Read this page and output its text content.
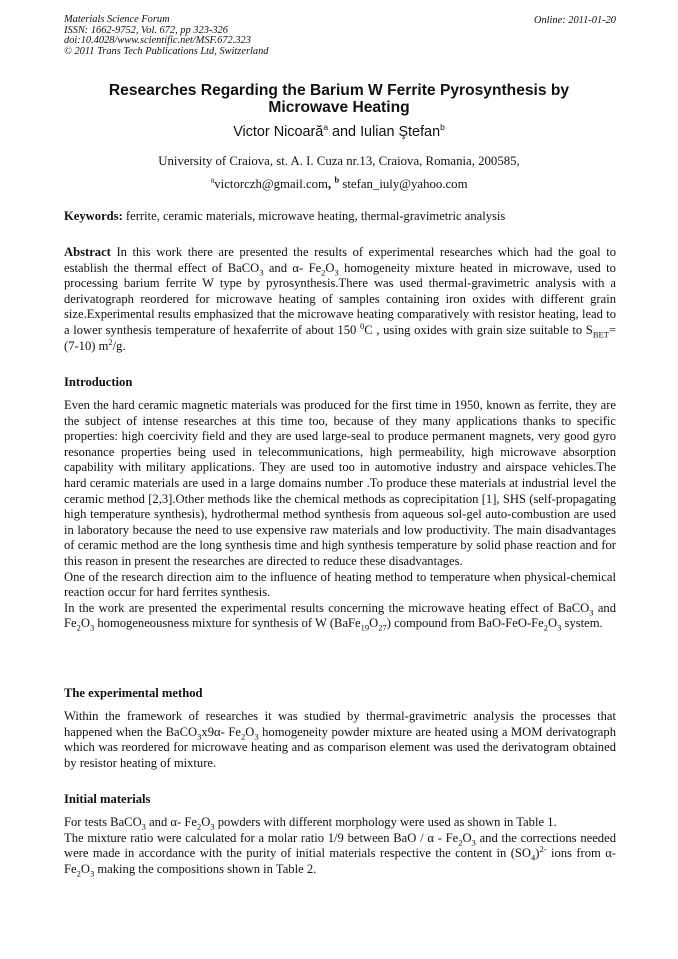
Materials Science Forum
ISSN: 1662-9752, Vol. 672, pp 323-326
doi:10.4028/www.scientific.net/MSF.672.323
© 2011 Trans Tech Publications Ltd, Switzerland
Online: 2011-01-20
Researches Regarding the Barium W Ferrite Pyrosynthesis by
Microwave Heating
Victor Nicoară$^a$ and Iulian Ştefan$^b$
University of Craiova, st. A. I. Cuza nr.13, Craiova, Romania, 200585,
$^a$victorczh@gmail.com, $^b$ stefan_iuly@yahoo.com
Keywords: ferrite, ceramic materials, microwave heating, thermal-gravimetric analysis
Abstract In this work there are presented the results of experimental researches which had the goal to establish the thermal effect of BaCO$_3$ and α- $Fe_2O_3$ homogeneity mixture heated in microwave, used to processing barium ferrite W type by pyrosynthesis.There was used thermal-gravimetric analysis with a derivatograph reordered for microwave heating of samples containing iron oxides with different grain size.Experimental results emphasized that the microwave heating comparatively with resistor heating, lead to a lower synthesis temperature of hexaferrite of about 150 $^0$C , using oxides with grain size suitable to $S_{BET}= (7-10)$ $m^2/g$.
Introduction
Even the hard ceramic magnetic materials was produced for the first time in 1950, known as ferrite, they are the subject of intense researches at this time too, because of they many applications thanks to specific properties: high coercivity field and they are used large-seal to produce permanent magnets, very good gyro resonance properties being used in telecommunications, high permeability, high microwave absorption capability with military applications. They are used too in automotive industry and airspace vehicles.The hard ceramic materials are used in a large domains number .To produce these materials at industrial level the ceramic method [2,3].Other methods like the chemical methods as coprecipitation [1], SHS (self-propagating high temperature synthesis), hydrothermal method synthesis from aqueous sol-gel auto-combustion are used in laboratory because the need to use expensive raw materials and low productivity. The main disadvantages of ceramic method are the long synthesis time and high synthesis temperature by solid phase reaction and for this reason in present the researches are directed to reduce these disadvantages.
One of the research direction aim to the influence of heating method to temperature when physical-chemical reaction occur for hard ferrites synthesis.
In the work are presented the experimental results concerning the microwave heating effect of BaCO$_3$ and $Fe_2O_3$ homogeneousness mixture for synthesis of W $(BaFe_{19}O_{27})$ compound from BaO-$FeO-Fe_2O_3$ system.
The experimental method
Within the framework of researches it was studied by thermal-gravimetric analysis the processes that happened when the BaCO$_3$x9α- $Fe_2O_3$ homogeneity powder mixture are heated using a MOM derivatograph which was reordered for microwave heating and as comparison element was used the derivatogram obtained by resistor heating of mixture.
Initial materials
For tests BaCO$_3$ and α- $Fe_2O_3$ powders with different morphology were used as shown in Table 1.
The mixture ratio were calculated for a molar ratio 1/9 between BaO / α - $Fe_2O_3$ and the corrections needed were made in accordance with the purity of initial materials respective the content in $(SO_4)^{2-}$ ions from α- $Fe_2O_3$ making the compositions shown in Table 2.
